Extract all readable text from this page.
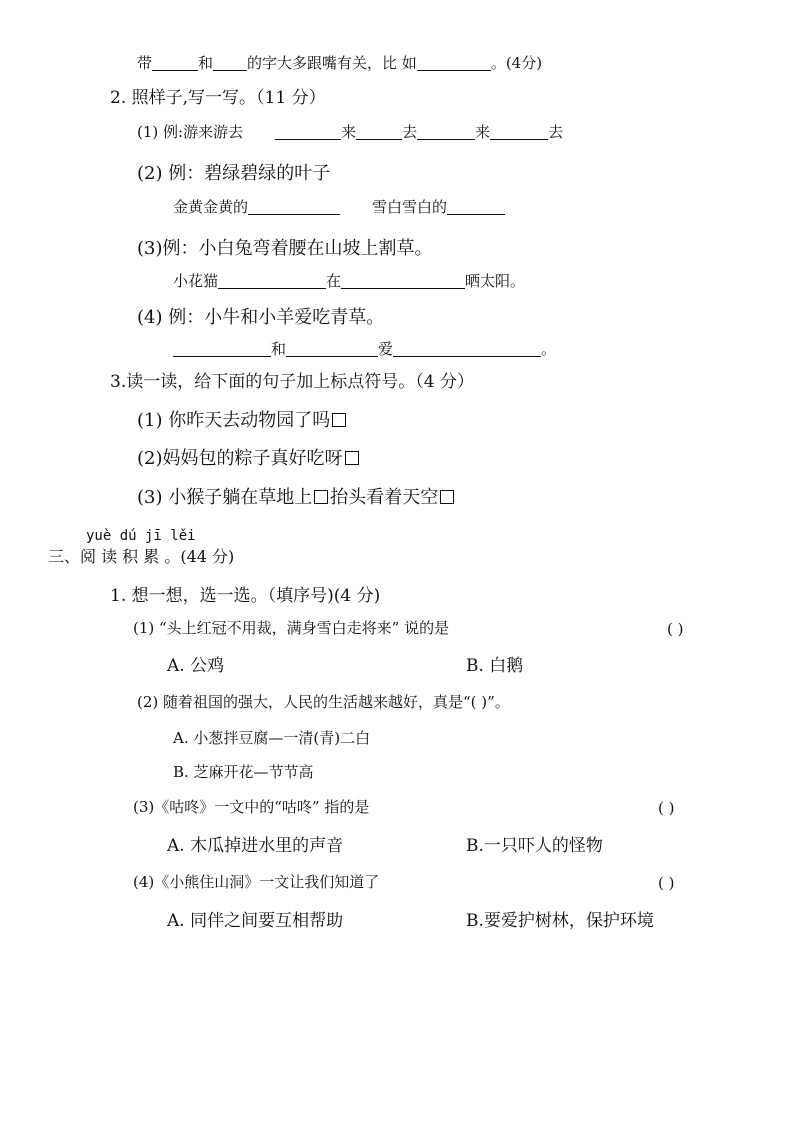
带	和 的字大多跟嘴有关，比 如	。(4分)
2. 照样子,写一写。（11 分）
(1) 例:游来游去	来	去	来	去
(2) 例：碧绿碧绿的叶子
金黄金黄的	雪白雪白的
(3)例：小白兔弯着腰在山坡上割草。
小花猫	在	晒太阳。
(4) 例：小牛和小羊爱吃青草。
和	爱	。
3.读一读，给下面的句子加上标点符号。（4 分）
(1) 你昨天去动物园了吗
(2)妈妈包的粽子真好吃呀
(3) 小猴子躺在草地上 抬头看着天空
yuè dú jī lěi
三、阅 读 积 累 。(44 分)
1. 想一想，选一选。（填序号)(4 分)
(1) “头上红冠不用裁，满身雪白走将来” 说的是	( )
A. 公鸡	B. 白鹅
(2) 随着祖国的强大，人民的生活越来越好，真是“( )”。
A. 小葱拌豆腐—一清(青)二白
B. 芝麻开花—节节高
(3)《咕咚》一文中的“咕咚” 指的是	( )
A. 木瓜掉进水里的声音	B.一只吓人的怪物
(4)《小熊住山洞》一文让我们知道了	( )
A. 同伴之间要互相帮助	B.要爱护树林，保护环境
